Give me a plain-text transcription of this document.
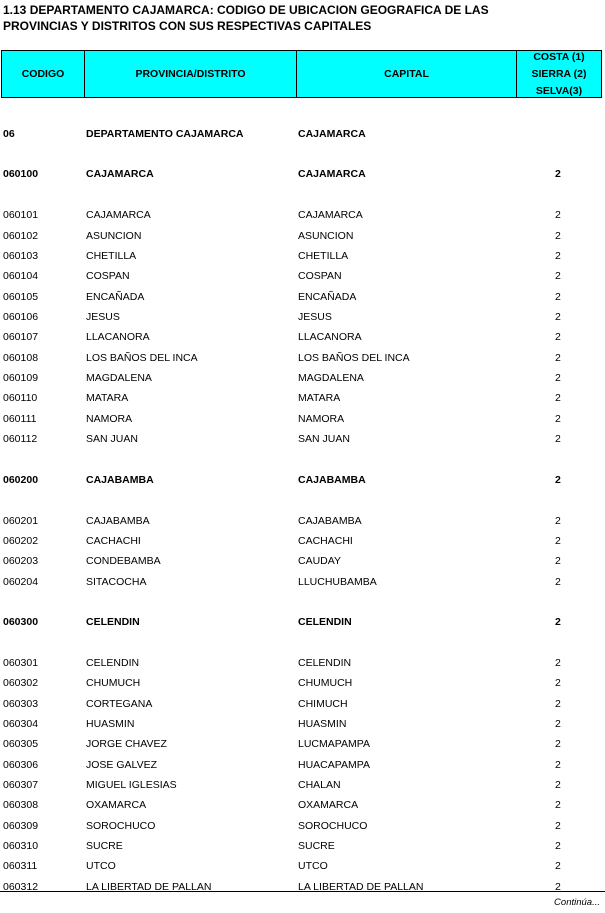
1.13 DEPARTAMENTO CAJAMARCA: CODIGO DE UBICACION GEOGRAFICA DE LAS
PROVINCIAS Y DISTRITOS CON SUS RESPECTIVAS CAPITALES
CODIGO	PROVINCIA/DISTRITO	CAPITAL
COSTA (1)
SIERRA (2)
SELVA(3)
06	DEPARTAMENTO CAJAMARCA	CAJAMARCA
060100	CAJAMARCA	CAJAMARCA	2
060101	CAJAMARCA	CAJAMARCA	2
060102	ASUNCION	ASUNCION	2
060103	CHETILLA	CHETILLA	2
060104	COSPAN	COSPAN	2
060105	ENCAÑADA	ENCAÑADA	2
060106	JESUS	JESUS	2
060107	LLACANORA	LLACANORA	2
060108	LOS BAÑOS DEL INCA	LOS BAÑOS DEL INCA	2
060109	MAGDALENA	MAGDALENA	2
060110	MATARA	MATARA	2
060111	NAMORA	NAMORA	2
060112	SAN JUAN	SAN JUAN	2
060200	CAJABAMBA	CAJABAMBA	2
060201	CAJABAMBA	CAJABAMBA	2
060202	CACHACHI	CACHACHI	2
060203	CONDEBAMBA	CAUDAY	2
060204	SITACOCHA	LLUCHUBAMBA	2
060300	CELENDIN	CELENDIN	2
060301	CELENDIN	CELENDIN	2
060302	CHUMUCH	CHUMUCH	2
060303	CORTEGANA	CHIMUCH	2
060304	HUASMIN	HUASMIN	2
060305	JORGE CHAVEZ	LUCMAPAMPA	2
060306	JOSE GALVEZ	HUACAPAMPA	2
060307	MIGUEL IGLESIAS	CHALAN	2
060308	OXAMARCA	OXAMARCA	2
060309	SOROCHUCO	SOROCHUCO	2
060310	SUCRE	SUCRE	2
060311	UTCO	UTCO	2
060312	LA LIBERTAD DE PALLAN	LA LIBERTAD DE PALLAN	2
Continúa...
